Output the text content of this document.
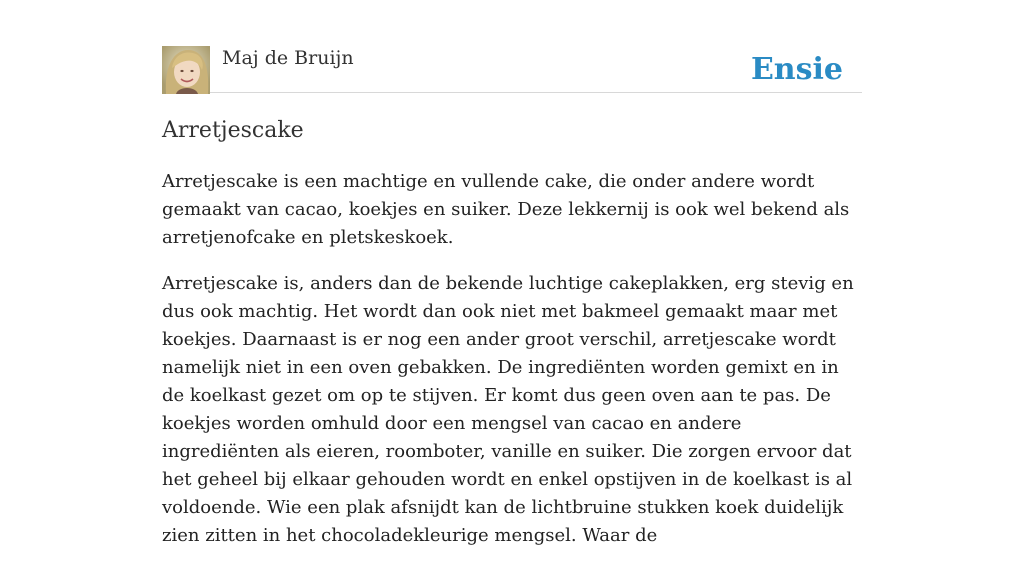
Maj de Bruijn	Ensie
Arretjescake

Arretjescake is een machtige en vullende cake, die onder andere wordt gemaakt van cacao, koekjes en suiker. Deze lekkernij is ook wel bekend als arretjenofcake en pletskeskoek.

Arretjescake is, anders dan de bekende luchtige cakeplakken, erg stevig en dus ook machtig. Het wordt dan ook niet met bakmeel gemaakt maar met koekjes. Daarnaast is er nog een ander groot verschil, arretjescake wordt namelijk niet in een oven gebakken. De ingrediënten worden gemixt en in de koelkast gezet om op te stijven. Er komt dus geen oven aan te pas. De koekjes worden omhuld door een mengsel van cacao en andere ingrediënten als eieren, roomboter, vanille en suiker. Die zorgen ervoor dat het geheel bij elkaar gehouden wordt en enkel opstijven in de koelkast is al voldoende. Wie een plak afsnijdt kan de lichtbruine stukken koek duidelijk zien zitten in het chocoladekleurige mengsel. Waar de
